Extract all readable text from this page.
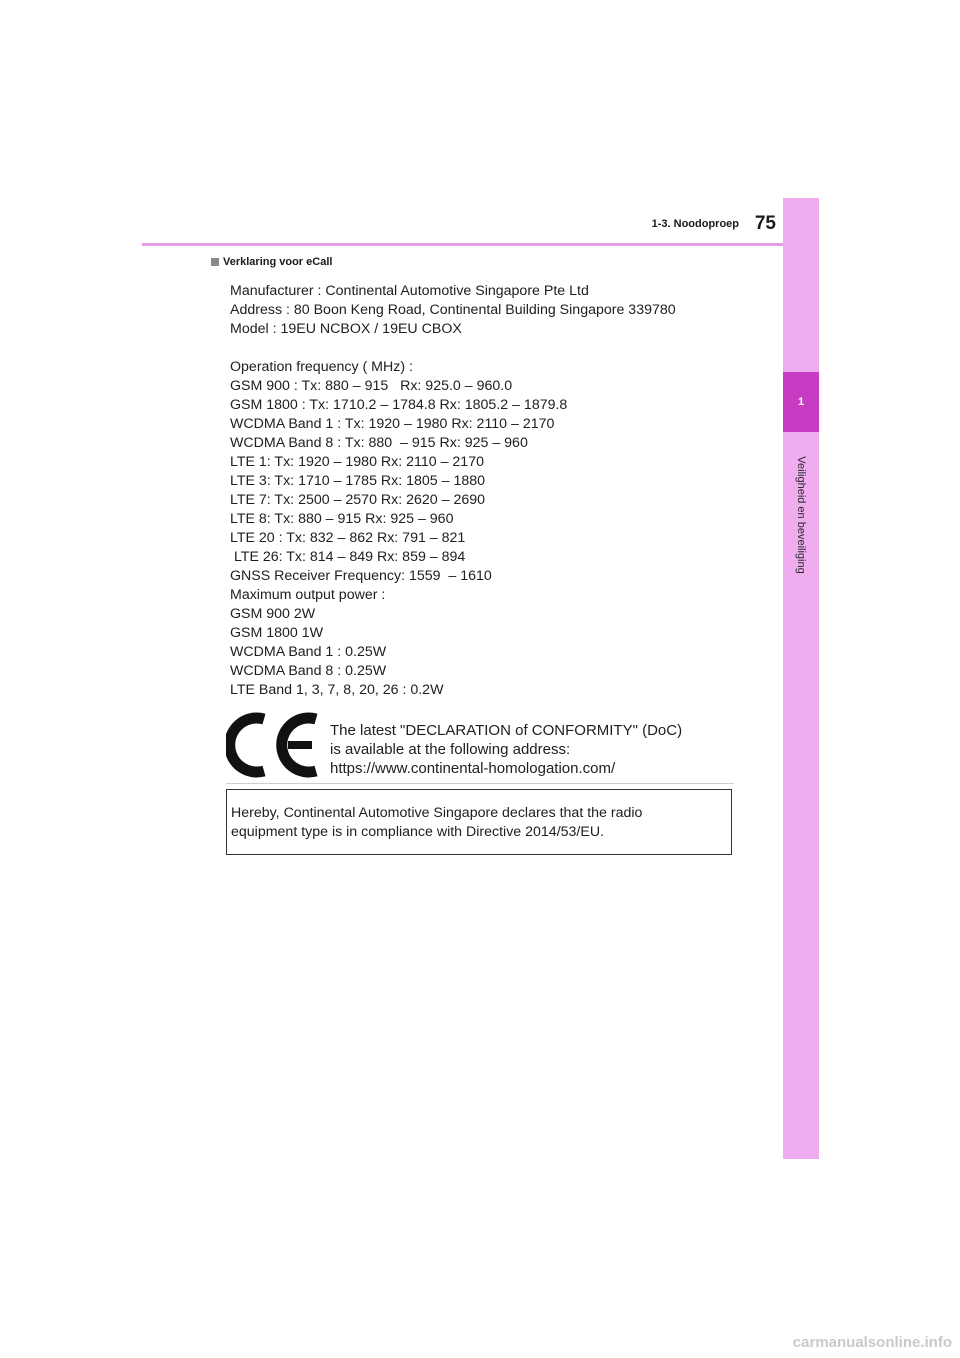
1-3. Noodoproep 75
1
Veiligheid en beveiliging
Verklaring voor eCall
Manufacturer : Continental Automotive Singapore Pte Ltd
Address : 80 Boon Keng Road, Continental Building Singapore 339780
Model : 19EU NCBOX / 19EU CBOX
Operation frequency ( MHz) :
GSM 900 : Tx: 880 – 915   Rx: 925.0 – 960.0
GSM 1800 : Tx: 1710.2 – 1784.8 Rx: 1805.2 – 1879.8
WCDMA Band 1 : Tx: 1920 – 1980 Rx: 2110 – 2170
WCDMA Band 8 : Tx: 880  – 915 Rx: 925 – 960
LTE 1: Tx: 1920 – 1980 Rx: 2110 – 2170
LTE 3: Tx: 1710 – 1785 Rx: 1805 – 1880
LTE 7: Tx: 2500 – 2570 Rx: 2620 – 2690
LTE 8: Tx: 880 – 915 Rx: 925 – 960
LTE 20 : Tx: 832 – 862 Rx: 791 – 821
LTE 26: Tx: 814 – 849 Rx: 859 – 894
GNSS Receiver Frequency: 1559  – 1610
Maximum output power :
GSM 900 2W
GSM 1800 1W
WCDMA Band 1 : 0.25W
WCDMA Band 8 : 0.25W
LTE Band 1, 3, 7, 8, 20, 26 : 0.2W
The latest "DECLARATION of CONFORMITY" (DoC)
is available at the following address:
https://www.continental-homologation.com/
Hereby, Continental Automotive Singapore declares that the radio
equipment type is in compliance with Directive 2014/53/EU.
carmanualsonline.info
